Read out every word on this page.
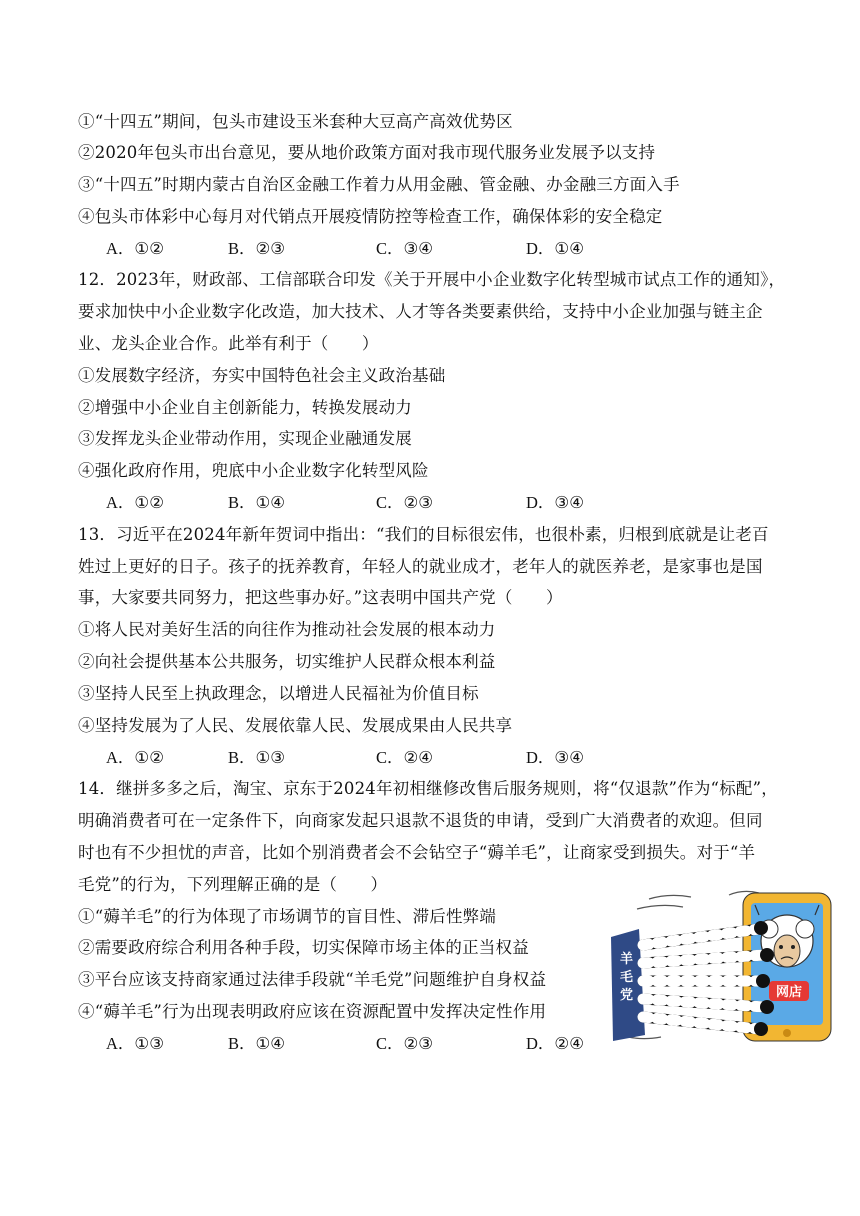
①“十四五”期间，包头市建设玉米套种大豆高产高效优势区
②2020年包头市出台意见，要从地价政策方面对我市现代服务业发展予以支持
③“十四五”时期内蒙古自治区金融工作着力从用金融、管金融、办金融三方面入手
④包头市体彩中心每月对代销点开展疫情防控等检查工作，确保体彩的安全稳定
A．①②	B．②③	C．③④	D．①④
12．2023年，财政部、工信部联合印发《关于开展中小企业数字化转型城市试点工作的通知》，
要求加快中小企业数字化改造，加大技术、人才等各类要素供给，支持中小企业加强与链主企
业、龙头企业合作。此举有利于（　　）
①发展数字经济，夯实中国特色社会主义政治基础
②增强中小企业自主创新能力，转换发展动力
③发挥龙头企业带动作用，实现企业融通发展
④强化政府作用，兜底中小企业数字化转型风险
A．①②	B．①④	C．②③	D．③④
13．习近平在2024年新年贺词中指出：“我们的目标很宏伟，也很朴素，归根到底就是让老百
姓过上更好的日子。孩子的抚养教育，年轻人的就业成才，老年人的就医养老，是家事也是国
事，大家要共同努力，把这些事办好。”这表明中国共产党（　　）
①将人民对美好生活的向往作为推动社会发展的根本动力
②向社会提供基本公共服务，切实维护人民群众根本利益
③坚持人民至上执政理念，以增进人民福祉为价值目标
④坚持发展为了人民、发展依靠人民、发展成果由人民共享
A．①②	B．①③	C．②④	D．③④
14．继拼多多之后，淘宝、京东于2024年初相继修改售后服务规则，将“仅退款”作为“标配”，
明确消费者可在一定条件下，向商家发起只退款不退货的申请，受到广大消费者的欢迎。但同
时也有不少担忧的声音，比如个别消费者会不会钻空子“薅羊毛”，让商家受到损失。对于“羊
毛党”的行为，下列理解正确的是（　　）
①“薅羊毛”的行为体现了市场调节的盲目性、滞后性弊端
②需要政府综合利用各种手段，切实保障市场主体的正当权益
③平台应该支持商家通过法律手段就“羊毛党”问题维护自身权益
④“薅羊毛”行为出现表明政府应该在资源配置中发挥决定性作用
A．①③	B．①④	C．②③	D．②④
网店
羊
毛
党
